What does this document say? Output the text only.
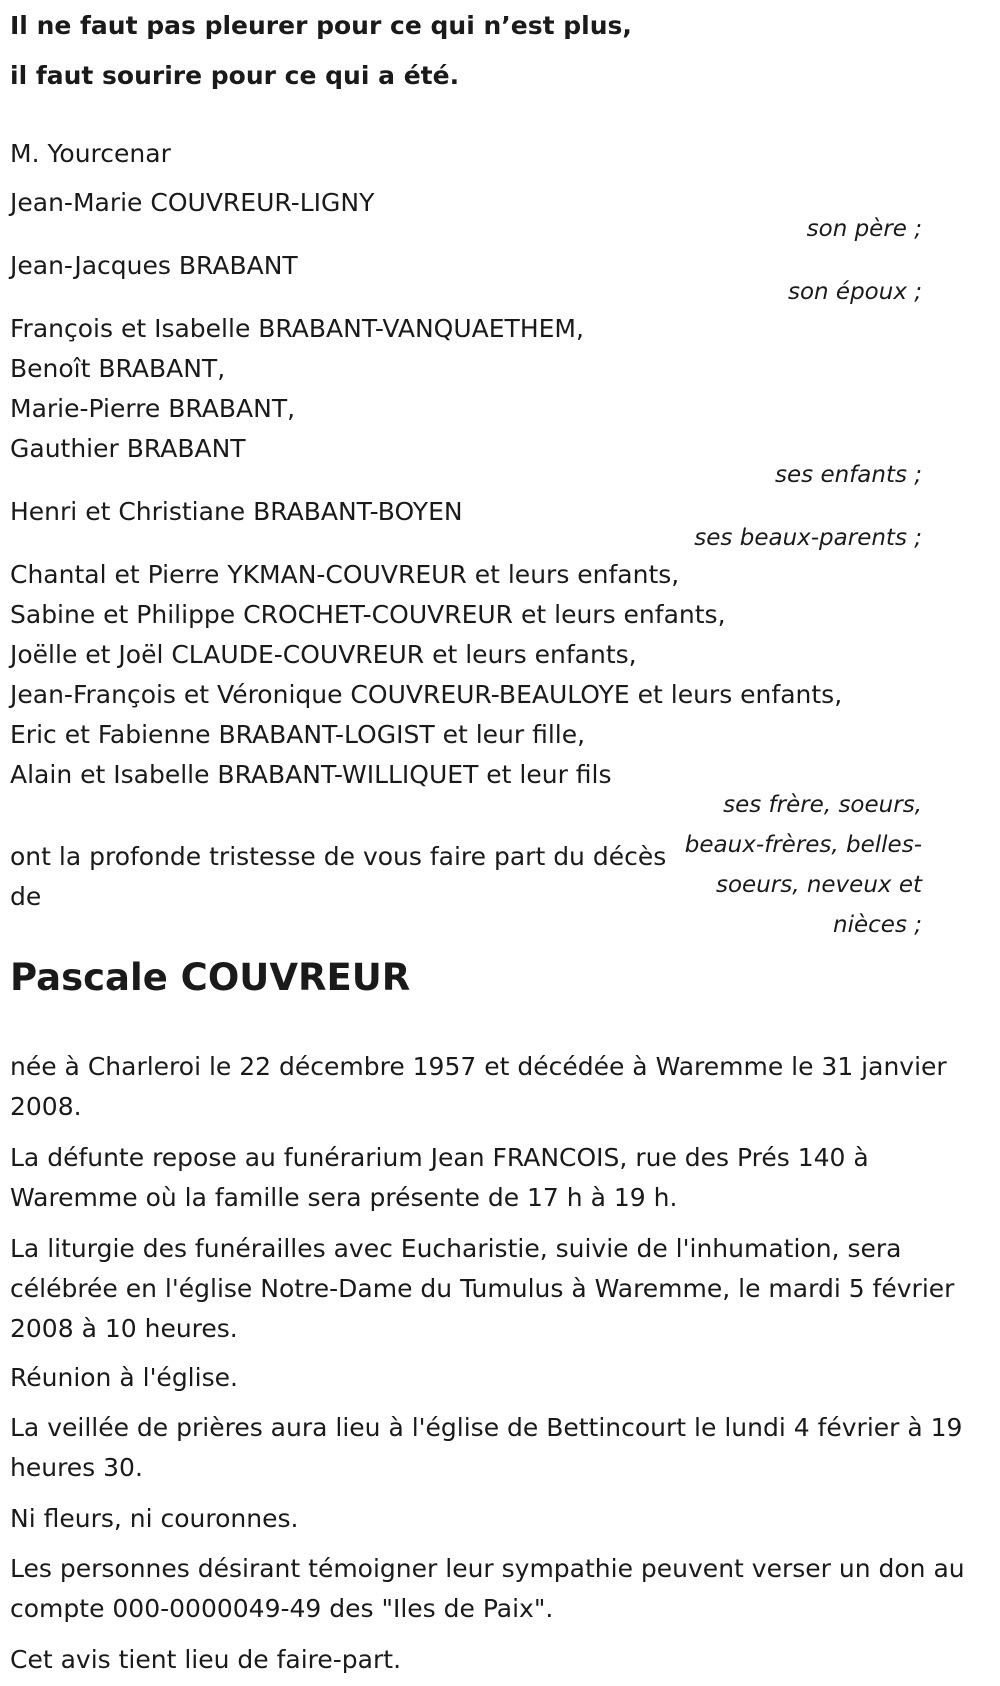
Il ne faut pas pleurer pour ce qui n’est plus,
il faut sourire pour ce qui a été.
M. Yourcenar
Jean-Marie COUVREUR-LIGNY
son père ;
Jean-Jacques BRABANT
son époux ;
François et Isabelle BRABANT-VANQUAETHEM,
Benoît BRABANT,
Marie-Pierre BRABANT,
Gauthier BRABANT
ses enfants ;
Henri et Christiane BRABANT-BOYEN
ses beaux-parents ;
Chantal et Pierre YKMAN-COUVREUR et leurs enfants,
Sabine et Philippe CROCHET-COUVREUR et leurs enfants,
Joëlle et Joël CLAUDE-COUVREUR et leurs enfants,
Jean-François et Véronique COUVREUR-BEAULOYE et leurs enfants,
Eric et Fabienne BRABANT-LOGIST et leur fille,
Alain et Isabelle BRABANT-WILLIQUET et leur fils
ses frère, soeurs, beaux-frères, belles-soeurs, neveux et nièces ;
ont la profonde tristesse de vous faire part du décès de
Pascale COUVREUR
née à Charleroi le 22 décembre 1957 et décédée à Waremme le 31 janvier 2008.
La défunte repose au funérarium Jean FRANCOIS, rue des Prés 140 à Waremme où la famille sera présente de 17 h à 19 h.
La liturgie des funérailles avec Eucharistie, suivie de l'inhumation, sera célébrée en l'église Notre-Dame du Tumulus à Waremme, le mardi 5 février 2008 à 10 heures.
Réunion à l'église.
La veillée de prières aura lieu à l'église de Bettincourt le lundi 4 février à 19 heures 30.
Ni fleurs, ni couronnes.
Les personnes désirant témoigner leur sympathie peuvent verser un don au compte 000-0000049-49 des "Iles de Paix".
Cet avis tient lieu de faire-part.
